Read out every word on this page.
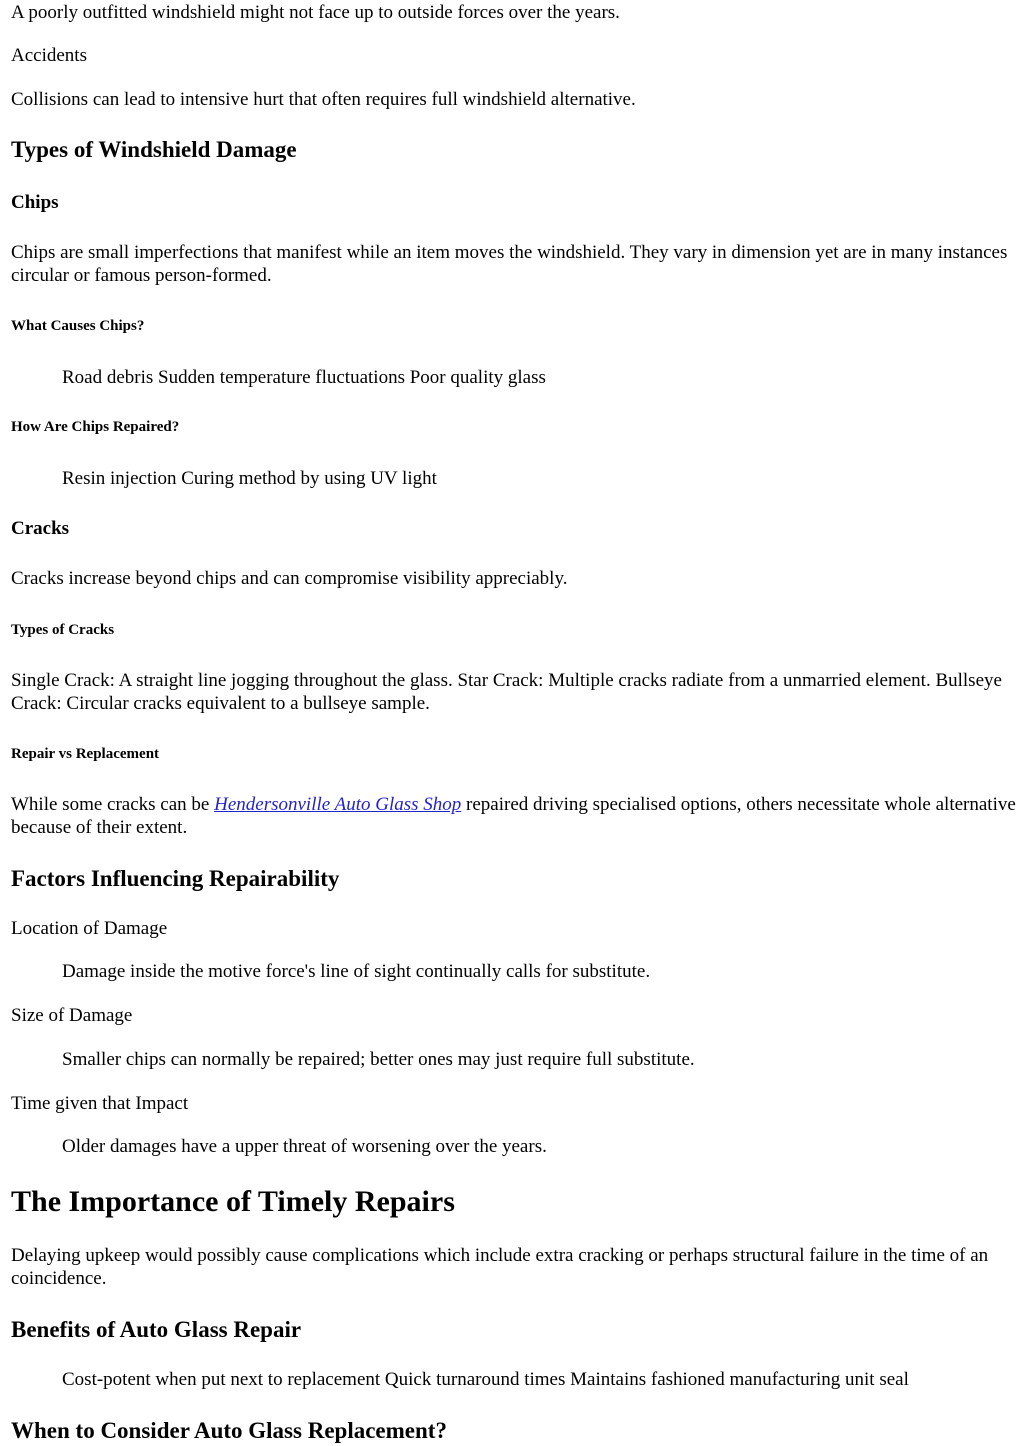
A poorly outfitted windshield might not face up to outside forces over the years.

Accidents

Collisions can lead to intensive hurt that often requires full windshield alternative.

Types of Windshield Damage
Chips

Chips are small imperfections that manifest while an item moves the windshield. They vary in dimension yet are in many instances circular or famous person-formed.

What Causes Chips?

Road debris Sudden temperature fluctuations Poor quality glass

How Are Chips Repaired?

Resin injection Curing method by using UV light

Cracks

Cracks increase beyond chips and can compromise visibility appreciably.

Types of Cracks

Single Crack: A straight line jogging throughout the glass. Star Crack: Multiple cracks radiate from a unmarried element. Bullseye Crack: Circular cracks equivalent to a bullseye sample.

Repair vs Replacement

While some cracks can be Hendersonville Auto Glass Shop repaired driving specialised options, others necessitate whole alternative because of their extent.

Factors Influencing Repairability

Location of Damage

Damage inside the motive force's line of sight continually calls for substitute.

Size of Damage

Smaller chips can normally be repaired; better ones may just require full substitute.

Time given that Impact

Older damages have a upper threat of worsening over the years.

The Importance of Timely Repairs

Delaying upkeep would possibly cause complications which include extra cracking or perhaps structural failure in the time of an coincidence.

Benefits of Auto Glass Repair

Cost-potent when put next to replacement Quick turnaround times Maintains fashioned manufacturing unit seal

When to Consider Auto Glass Replacement?
